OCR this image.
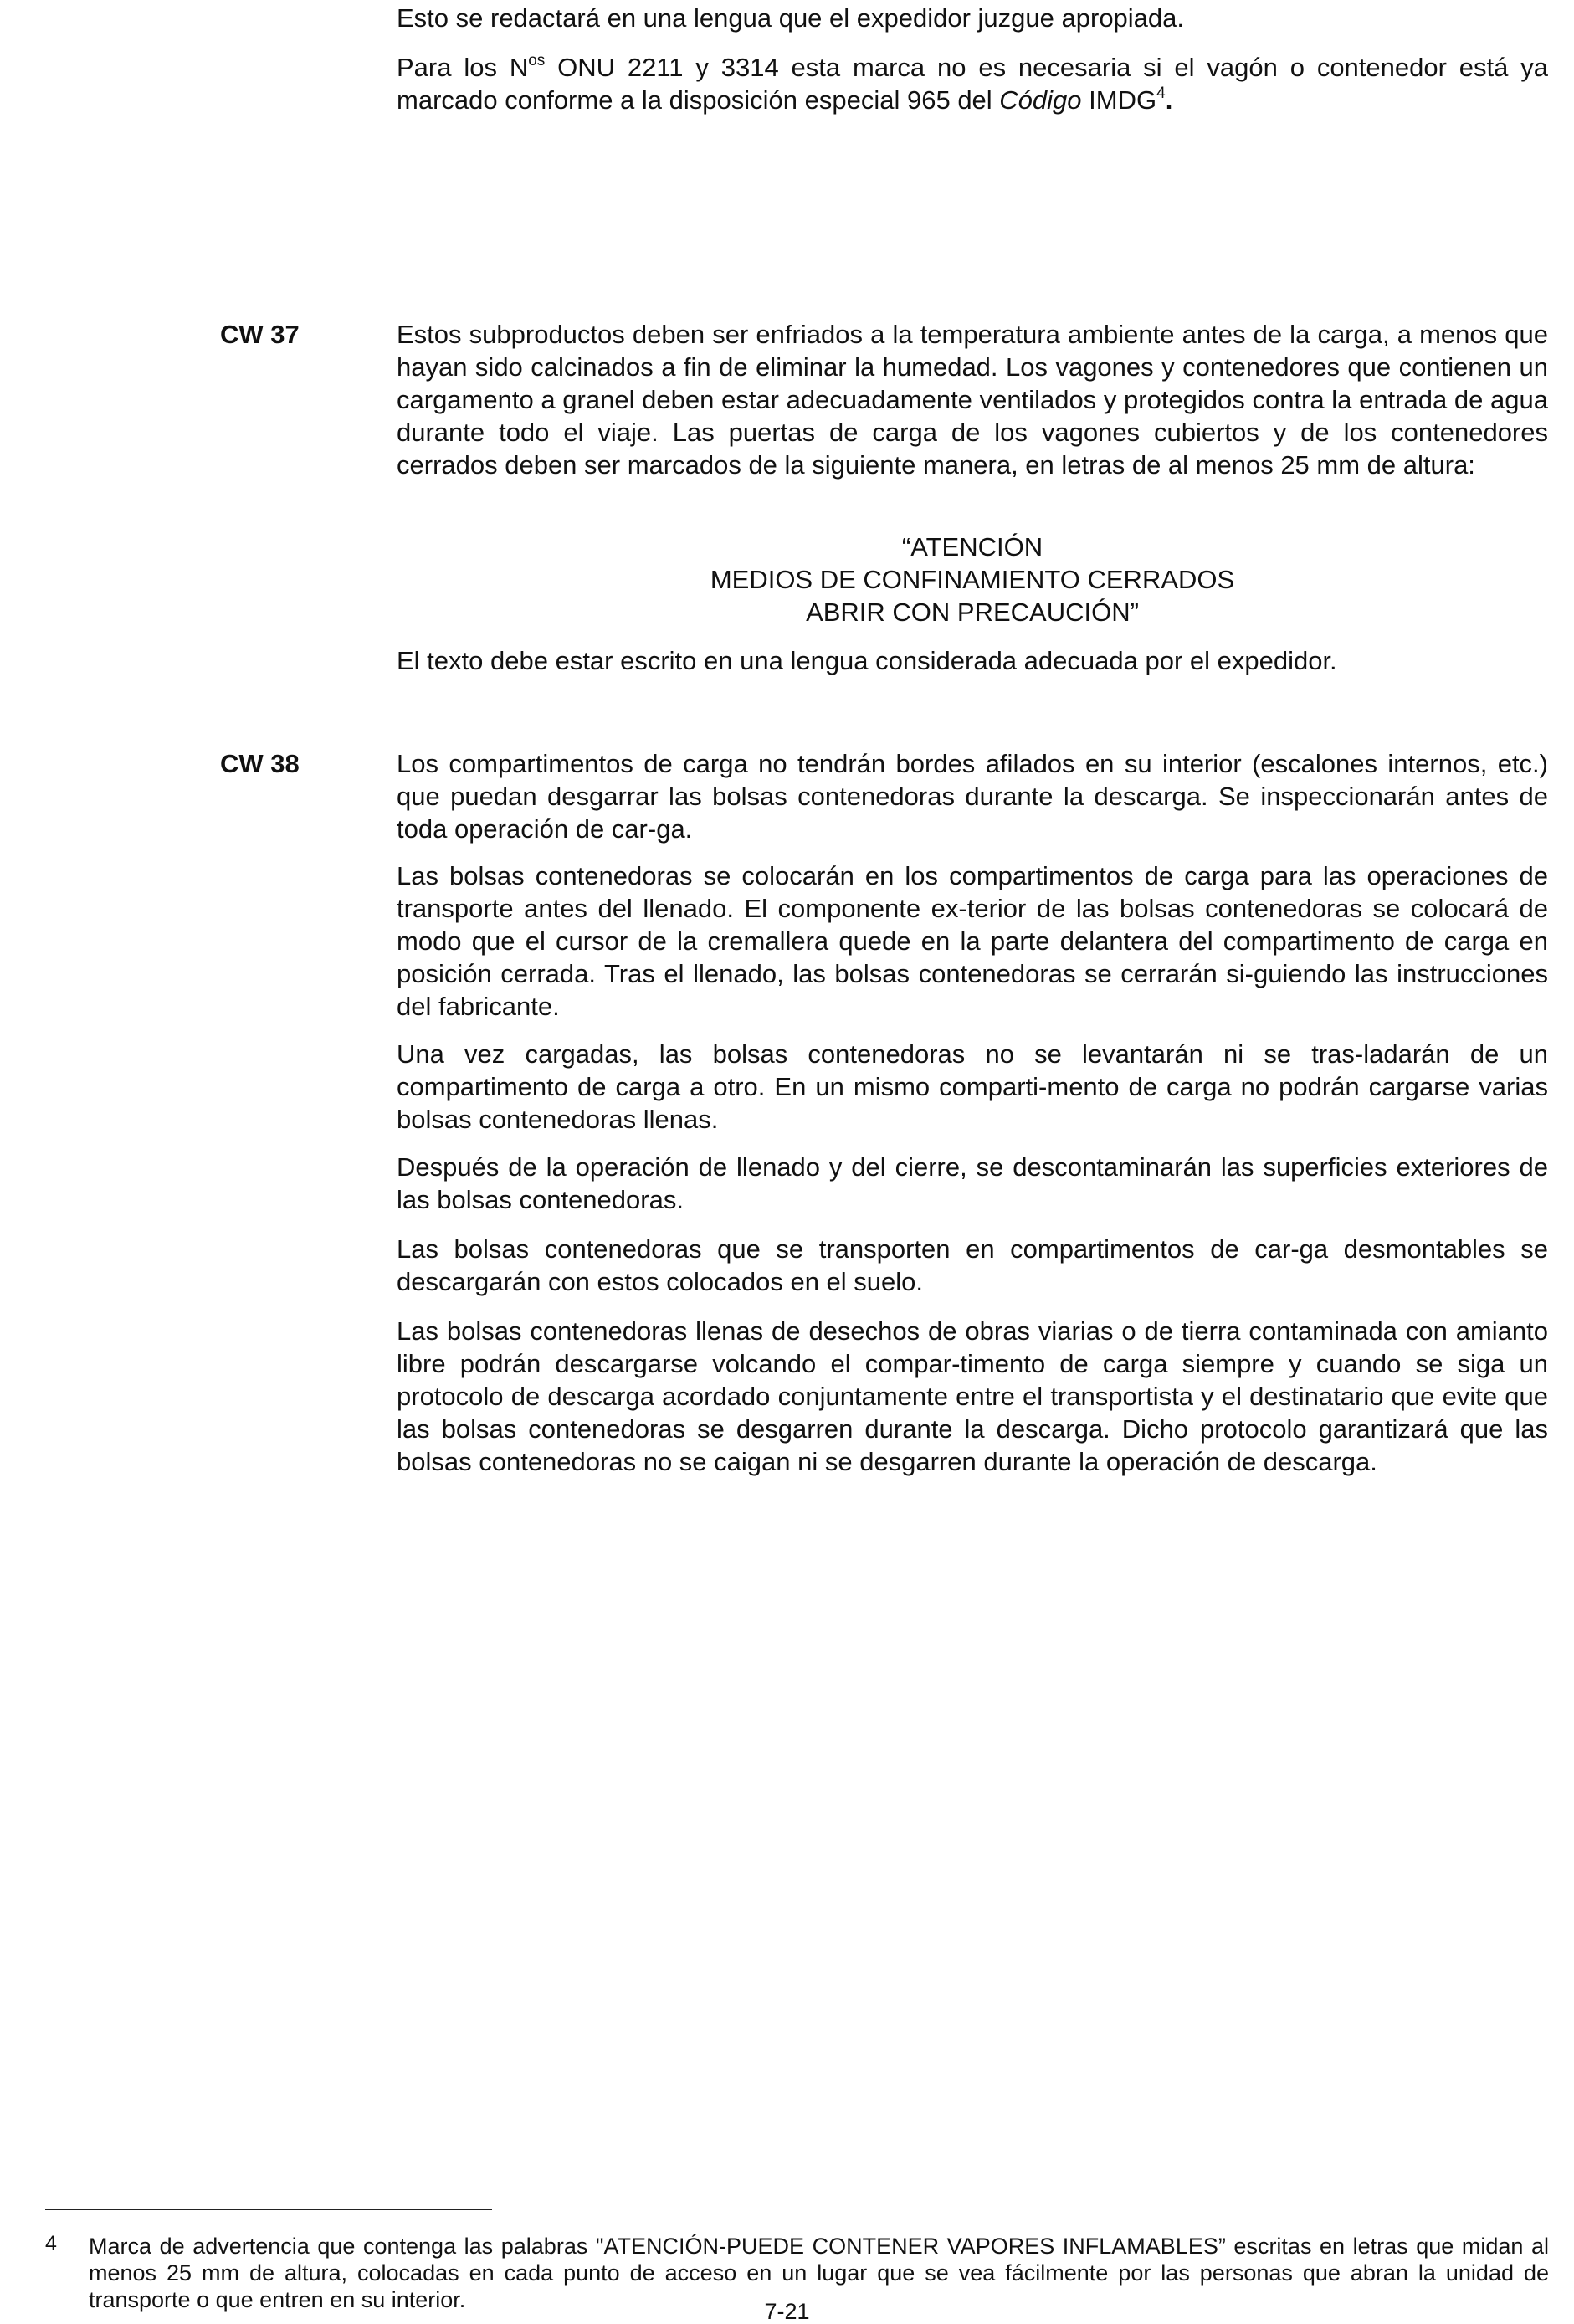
Esto se redactará en una lengua que el expedidor juzgue apropiada.

Para los $N^{os}$ ONU 2211 y 3314 esta marca no es necesaria si el vagón o contenedor está ya marcado conforme a la disposición especial 965 del Código IMDG$^4$.

CW 37	Estos subproductos deben ser enfriados a la temperatura ambiente antes de la carga, a menos que hayan sido calcinados a fin de eliminar la humedad. Los vagones y contenedores que contienen un cargamento a granel deben estar adecuadamente ventilados y protegidos contra la entrada de agua durante todo el viaje. Las puertas de carga de los vagones cubiertos y de los contenedores cerrados deben ser marcados de la siguiente manera, en letras de al menos 25 mm de altura:

“ATENCIÓN
MEDIOS DE CONFINAMIENTO CERRADOS
ABRIR CON PRECAUCIÓN”

El texto debe estar escrito en una lengua considerada adecuada por el expedidor.

CW 38	Los compartimentos de carga no tendrán bordes afilados en su interior (escalones internos, etc.) que puedan desgarrar las bolsas contenedoras durante la descarga. Se inspeccionarán antes de toda operación de car-ga.

Las bolsas contenedoras se colocarán en los compartimentos de carga para las operaciones de transporte antes del llenado. El componente ex-terior de las bolsas contenedoras se colocará de modo que el cursor de la cremallera quede en la parte delantera del compartimento de carga en posición cerrada. Tras el llenado, las bolsas contenedoras se cerrarán si-guiendo las instrucciones del fabricante.

Una vez cargadas, las bolsas contenedoras no se levantarán ni se tras-ladarán de un compartimento de carga a otro. En un mismo comparti-mento de carga no podrán cargarse varias bolsas contenedoras llenas.

Después de la operación de llenado y del cierre, se descontaminarán las superficies exteriores de las bolsas contenedoras.

Las bolsas contenedoras que se transporten en compartimentos de car-ga desmontables se descargarán con estos colocados en el suelo.

Las bolsas contenedoras llenas de desechos de obras viarias o de tierra contaminada con amianto libre podrán descargarse volcando el compar-timento de carga siempre y cuando se siga un protocolo de descarga acordado conjuntamente entre el transportista y el destinatario que evite que las bolsas contenedoras se desgarren durante la descarga. Dicho protocolo garantizará que las bolsas contenedoras no se caigan ni se desgarren durante la operación de descarga.

4 Marca de advertencia que contenga las palabras "ATENCIÓN-PUEDE CONTENER VAPORES INFLAMABLES” escritas en letras que midan al menos 25 mm de altura, colocadas en cada punto de acceso en un lugar que se vea fácilmente por las personas que abran la unidad de transporte o que entren en su interior.	7-21
